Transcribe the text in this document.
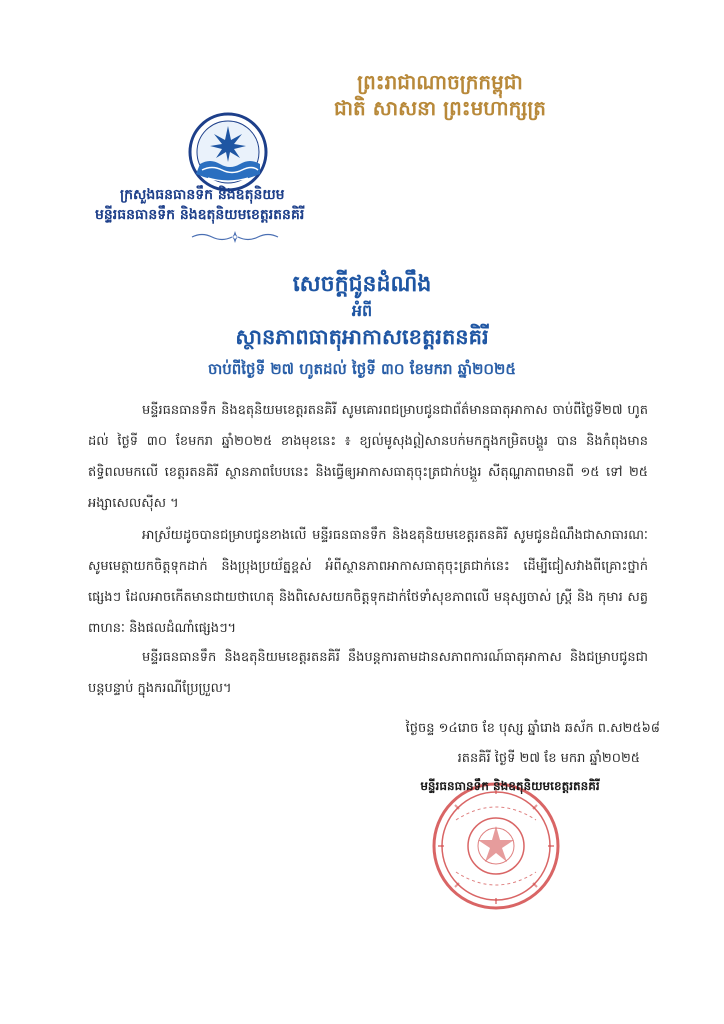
ព្រះរាជាណាចក្រកម្ពុជា
ជាតិ សាសនា ព្រះមហាក្សត្រ
ក្រសួងធនធានទឹក និងឧតុនិយម
មន្ទីរធនធានទឹក និងឧតុនិយមខេត្តរតនគិរី
សេចក្តីជូនដំណឹង
អំពី
ស្ថានភាពធាតុអាកាសខេត្តរតនគិរី
ចាប់ពីថ្ងៃទី ២៧ ហូតដល់ ថ្ងៃទី ៣០ ខែមករា ឆ្នាំ២០២៥
មន្ទីរធនធានទឹក និងឧតុនិយមខេត្តរតនគិរី សូមគោរពជម្រាបជូនជាព័ត៌មានធាតុអាកាស ចាប់ពីថ្ងៃទី២៧ ហូតដល់ ថ្ងៃទី ៣០ ខែមករា ឆ្នាំ២០២៥ ខាងមុខនេះ ៖ ខ្យល់មូសុងឦសានបក់មកក្នុងកម្រិតបង្គួរ បាន និងកំពុងមានឥទ្ធិពលមកលើ ខេត្តរតនគិរី ស្ថានភាពបែបនេះ និងធ្វើឲ្យអាកាសធាតុចុះត្រជាក់បង្គួរ សីតុណ្ហភាពមានពី ១៥ ទៅ ២៥ អង្សាសេលស៊ីស ។
អាស្រ័យដូចបានជម្រាបជូនខាងលើ មន្ទីរធនធានទឹក និងឧតុនិយមខេត្តរតនគិរី សូមជូនដំណឹងជាសាធារណៈ សូមមេត្តាយកចិត្តទុកដាក់ និងប្រុងប្រយ័ត្នខ្ពស់ អំពីស្ថានភាពអាកាសធាតុចុះត្រជាក់នេះ ដើម្បីជៀសវាងពីគ្រោះថ្នាក់ផ្សេងៗ ដែលអាចកើតមានជាយថាហេតុ និងពិសេសយកចិត្តទុកដាក់ថែទាំសុខភាពលើ មនុស្សចាស់ ស្ត្រី និង កុមារ សត្វពាហនៈ និងផលដំណាំផ្សេងៗ។
មន្ទីរធនធានទឹក និងឧតុនិយមខេត្តរតនគិរី នឹងបន្តការតាមដានសភាពការណ៍ធាតុអាកាស និងជម្រាបជូនជាបន្តបន្ទាប់ ក្នុងករណីប្រែប្រួល។
ថ្ងៃចន្ទ ១៤រោច ខែ បុស្ស ឆ្នាំរោង ឆស័ក ព.ស២៥៦៨
រតនគិរី ថ្ងៃទី ២៧ ខែ មករា ឆ្នាំ២០២៥
មន្ទីរធនធានទឹក និងឧតុនិយមខេត្តរតនគិរី
